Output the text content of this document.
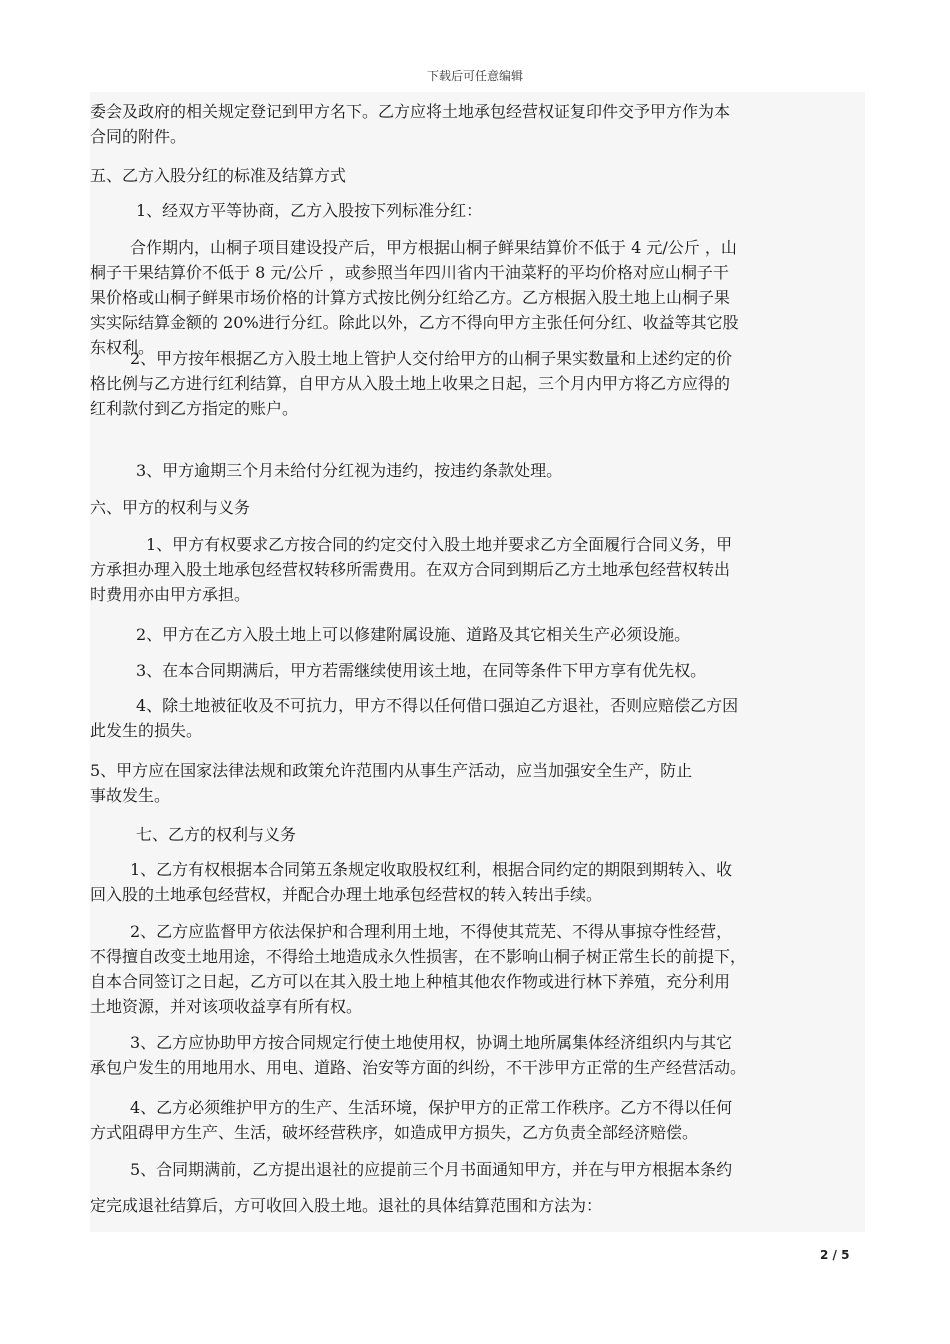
下载后可任意编辑
委会及政府的相关规定登记到甲方名下。乙方应将土地承包经营权证复印件交予甲方作为本
合同的附件。
五、乙方入股分红的标准及结算方式
1、经双方平等协商，乙方入股按下列标准分红：
合作期内，山桐子项目建设投产后，甲方根据山桐子鲜果结算价不低于 4 元/公斤 ，山
桐子干果结算价不低于 8 元/公斤 ，或参照当年四川省内干油菜籽的平均价格对应山桐子干
果价格或山桐子鲜果市场价格的计算方式按比例分红给乙方。乙方根据入股土地上山桐子果
实实际结算金额的 20%进行分红。除此以外，乙方不得向甲方主张任何分红、收益等其它股
东权利。
2、甲方按年根据乙方入股土地上管护人交付给甲方的山桐子果实数量和上述约定的价
格比例与乙方进行红利结算，自甲方从入股土地上收果之日起，三个月内甲方将乙方应得的
红利款付到乙方指定的账户。
3、甲方逾期三个月未给付分红视为违约，按违约条款处理。
六、甲方的权利与义务
1、甲方有权要求乙方按合同的约定交付入股土地并要求乙方全面履行合同义务，甲
方承担办理入股土地承包经营权转移所需费用。在双方合同到期后乙方土地承包经营权转出
时费用亦由甲方承担。
2、甲方在乙方入股土地上可以修建附属设施、道路及其它相关生产必须设施。
3、在本合同期满后，甲方若需继续使用该土地，在同等条件下甲方享有优先权。
4、除土地被征收及不可抗力，甲方不得以任何借口强迫乙方退社，否则应赔偿乙方因
此发生的损失。
5、甲方应在国家法律法规和政策允许范围内从事生产活动，应当加强安全生产，防止
事故发生。
七、乙方的权利与义务
1、乙方有权根据本合同第五条规定收取股权红利，根据合同约定的期限到期转入、收
回入股的土地承包经营权，并配合办理土地承包经营权的转入转出手续。
2、乙方应监督甲方依法保护和合理利用土地，不得使其荒芜、不得从事掠夺性经营，
不得擅自改变土地用途，不得给土地造成永久性损害，在不影响山桐子树正常生长的前提下，
自本合同签订之日起，乙方可以在其入股土地上种植其他农作物或进行林下养殖，充分利用
土地资源，并对该项收益享有所有权。
3、乙方应协助甲方按合同规定行使土地使用权，协调土地所属集体经济组织内与其它
承包户发生的用地用水、用电、道路、治安等方面的纠纷，不干涉甲方正常的生产经营活动。
4、乙方必须维护甲方的生产、生活环境，保护甲方的正常工作秩序。乙方不得以任何
方式阻碍甲方生产、生活，破坏经营秩序，如造成甲方损失，乙方负责全部经济赔偿。
5、合同期满前，乙方提出退社的应提前三个月书面通知甲方，并在与甲方根据本条约
定完成退社结算后，方可收回入股土地。退社的具体结算范围和方法为：
2 / 5
